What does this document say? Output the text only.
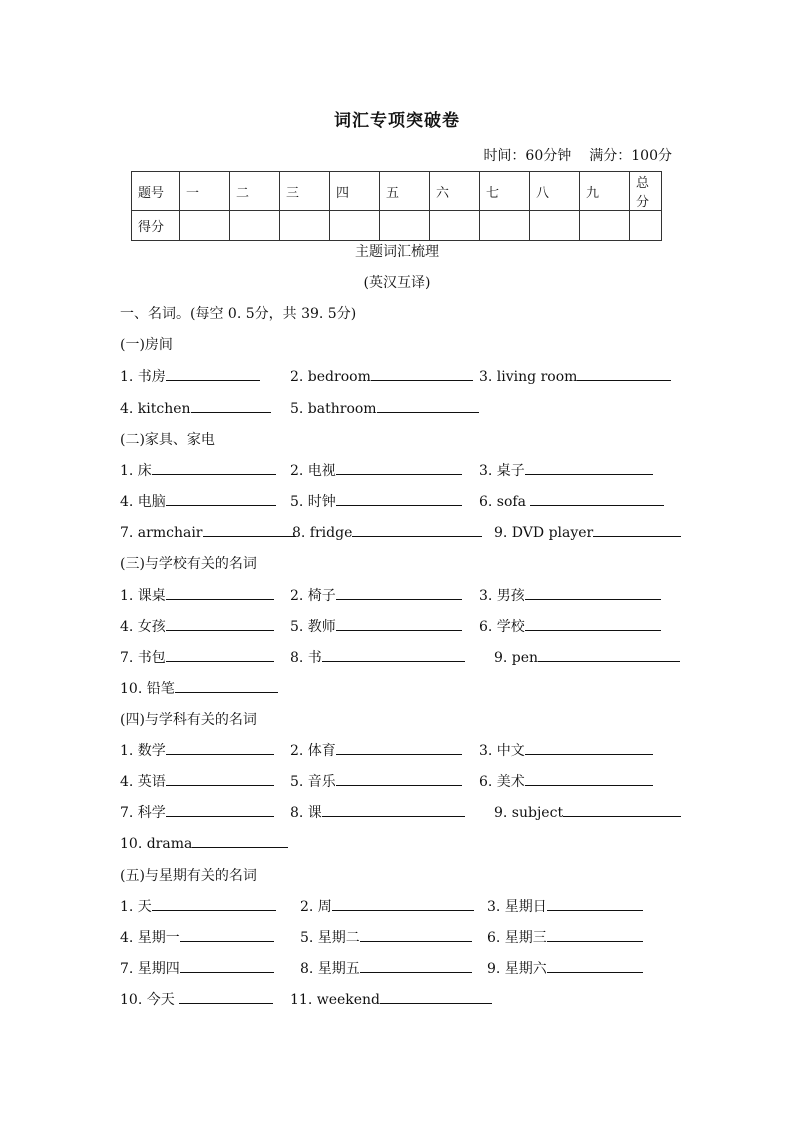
词汇专项突破卷
时间：60分钟 满分：100分
题号	一	二	三	四	五	六	七	八	九	总分
得分										
主题词汇梳理
(英汉互译)
一、名词。(每空 0. 5分，共 39. 5分)
(一)房间
1. 书房	2. bedroom	3. living room
4. kitchen	5. bathroom
(二)家具、家电
1. 床	2. 电视	3. 桌子
4. 电脑	5. 时钟	6. sofa
7. armchair	8. fridge	9. DVD player
(三)与学校有关的名词
1. 课桌	2. 椅子	3. 男孩
4. 女孩	5. 教师	6. 学校
7. 书包	8. 书	9. pen
10. 铅笔
(四)与学科有关的名词
1. 数学	2. 体育	3. 中文
4. 英语	5. 音乐	6. 美术
7. 科学	8. 课	9. subject
10. drama
(五)与星期有关的名词
1. 天	2. 周	3. 星期日
4. 星期一	5. 星期二	6. 星期三
7. 星期四	8. 星期五	9. 星期六
10. 今天	11. weekend
